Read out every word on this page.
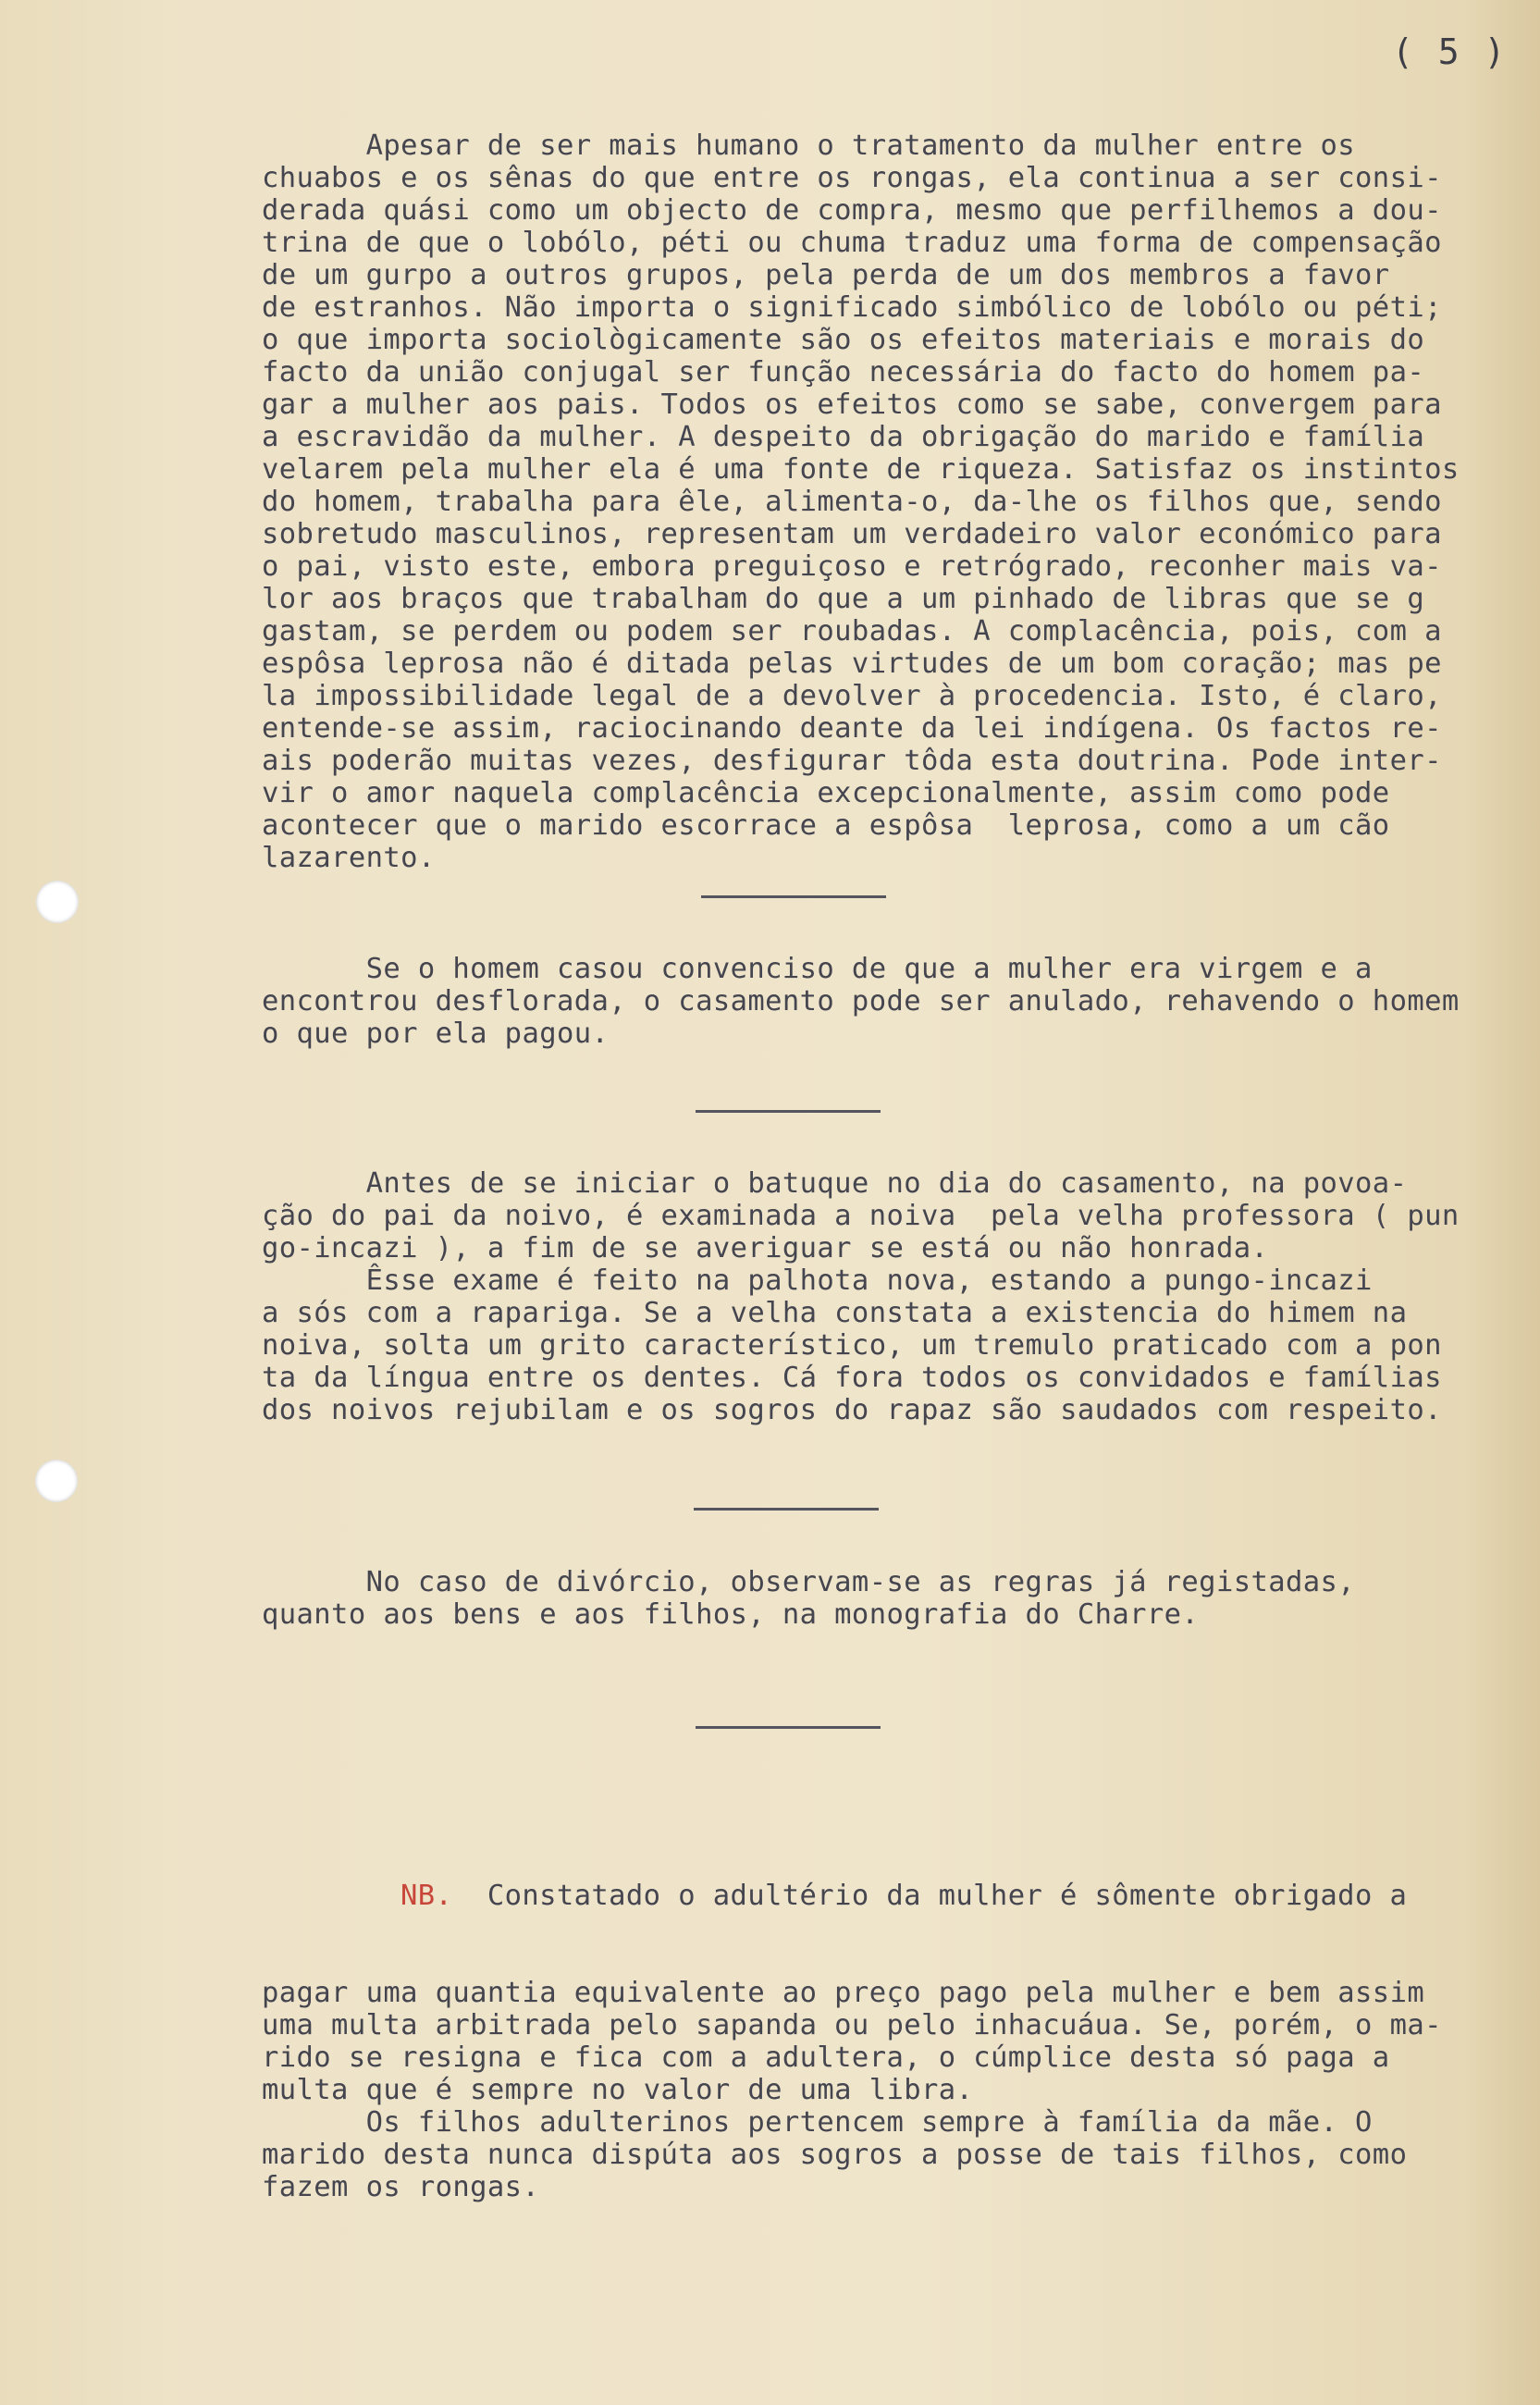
( 5 )
Apesar de ser mais humano o tratamento da mulher entre os
chuabos e os sênas do que entre os rongas, ela continua a ser consi-
derada quási como um objecto de compra, mesmo que perfilhemos a dou-
trina de que o lobólo, péti ou chuma traduz uma forma de compensação
de um gurpo a outros grupos, pela perda de um dos membros a favor
de estranhos. Não importa o significado simbólico de lobólo ou péti;
o que importa sociològicamente são os efeitos materiais e morais do
facto da união conjugal ser função necessária do facto do homem pa-
gar a mulher aos pais. Todos os efeitos como se sabe, convergem para
a escravidão da mulher. A despeito da obrigação do marido e família
velarem pela mulher ela é uma fonte de riqueza. Satisfaz os instintos
do homem, trabalha para êle, alimenta-o, da-lhe os filhos que, sendo
sobretudo masculinos, representam um verdadeiro valor económico para
o pai, visto este, embora preguiçoso e retrógrado, reconher mais va-
lor aos braços que trabalham do que a um pinhado de libras que se g
gastam, se perdem ou podem ser roubadas. A complacência, pois, com a
espôsa leprosa não é ditada pelas virtudes de um bom coração; mas pe
la impossibilidade legal de a devolver à procedencia. Isto, é claro,
entende-se assim, raciocinando deante da lei indígena. Os factos re-
ais poderão muitas vezes, desfigurar tôda esta doutrina. Pode inter-
vir o amor naquela complacência excepcionalmente, assim como pode
acontecer que o marido escorrace a espôsa  leprosa, como a um cão
lazarento.
Se o homem casou convenciso de que a mulher era virgem e a
encontrou desflorada, o casamento pode ser anulado, rehavendo o homem
o que por ela pagou.
Antes de se iniciar o batuque no dia do casamento, na povoa-
ção do pai da noivo, é examinada a noiva  pela velha professora ( pun
go-incazi ), a fim de se averiguar se está ou não honrada.
Êsse exame é feito na palhota nova, estando a pungo-incazi
a sós com a rapariga. Se a velha constata a existencia do himem na
noiva, solta um grito característico, um tremulo praticado com a pon
ta da língua entre os dentes. Cá fora todos os convidados e famílias
dos noivos rejubilam e os sogros do rapaz são saudados com respeito.
No caso de divórcio, observam-se as regras já registadas,
quanto aos bens e aos filhos, na monografia do Charre.

NB.  Constatado o adultério da mulher é sômente obrigado a

pagar uma quantia equivalente ao preço pago pela mulher e bem assim
uma multa arbitrada pelo sapanda ou pelo inhacuáua. Se, porém, o ma-
rido se resigna e fica com a adultera, o cúmplice desta só paga a
multa que é sempre no valor de uma libra.
Os filhos adulterinos pertencem sempre à família da mãe. O
marido desta nunca dispúta aos sogros a posse de tais filhos, como
fazem os rongas.
